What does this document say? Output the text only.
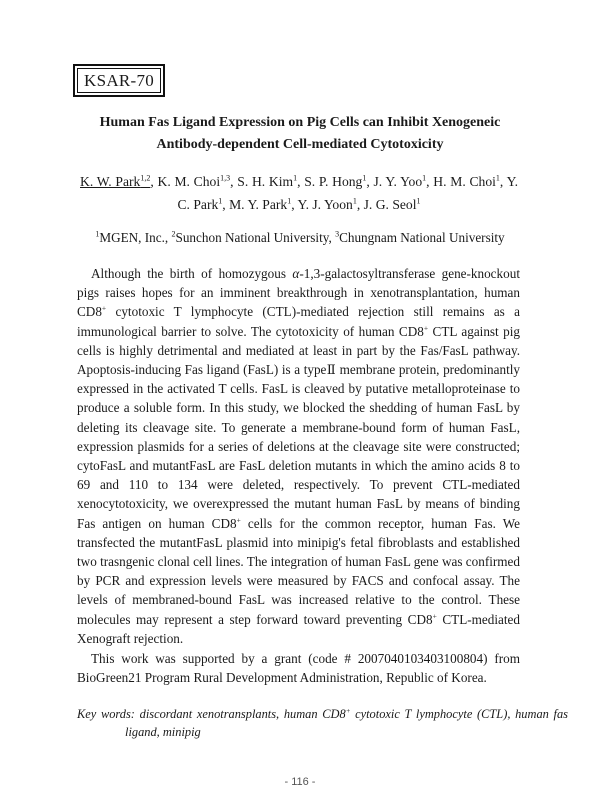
KSAR-70
Human Fas Ligand Expression on Pig Cells can Inhibit Xenogeneic
Antibody-dependent Cell-mediated Cytotoxicity
K. W. Park$^{1,2}$, K. M. Choi$^{1,3}$, S. H. Kim$^1$, S. P. Hong$^1$, J. Y. Yoo$^1$, H. M. Choi$^1$, Y. C. Park$^1$, M. Y. Park$^1$, Y. J. Yoon$^1$, J. G. Seol$^1$
$^1$MGEN, Inc., $^2$Sunchon National University, $^3$Chungnam National University

Although the birth of homozygous α-1,3-galactosyltransferase gene-knockout pigs raises hopes for an imminent breakthrough in xenotransplantation, human CD8+ cytotoxic T lymphocyte (CTL)-mediated rejection still remains as a immunological barrier to solve. The cytotoxicity of human CD8+ CTL against pig cells is highly detrimental and mediated at least in part by the Fas/FasL pathway. Apoptosis-inducing Fas ligand (FasL) is a typeⅡ membrane protein, predominantly expressed in the activated T cells. FasL is cleaved by putative metalloproteinase to produce a soluble form. In this study, we blocked the shedding of human FasL by deleting its cleavage site. To generate a membrane-bound form of human FasL, expression plasmids for a series of deletions at the cleavage site were constructed; cytoFasL and mutantFasL are FasL deletion mutants in which the amino acids 8 to 69 and 110 to 134 were deleted, respectively. To prevent CTL-mediated xenocytotoxicity, we overexpressed the mutant human FasL by means of binding Fas antigen on human CD8+ cells for the common receptor, human Fas. We transfected the mutantFasL plasmid into minipig's fetal fibroblasts and established two trasngenic clonal cell lines. The integration of human FasL gene was confirmed by PCR and expression levels were measured by FACS and confocal assay. The levels of membraned-bound FasL was increased relative to the control. These molecules may represent a step forward toward preventing CD8+ CTL-mediated Xenograft rejection.

This work was supported by a grant (code # 20070401034031​00804) from BioGreen21 Program Rural Development Administration, Republic of Korea.

Key words: discordant xenotransplants, human CD8+ cytotoxic T lymphocyte (CTL), human fas ligand, minipig

- 116 -
